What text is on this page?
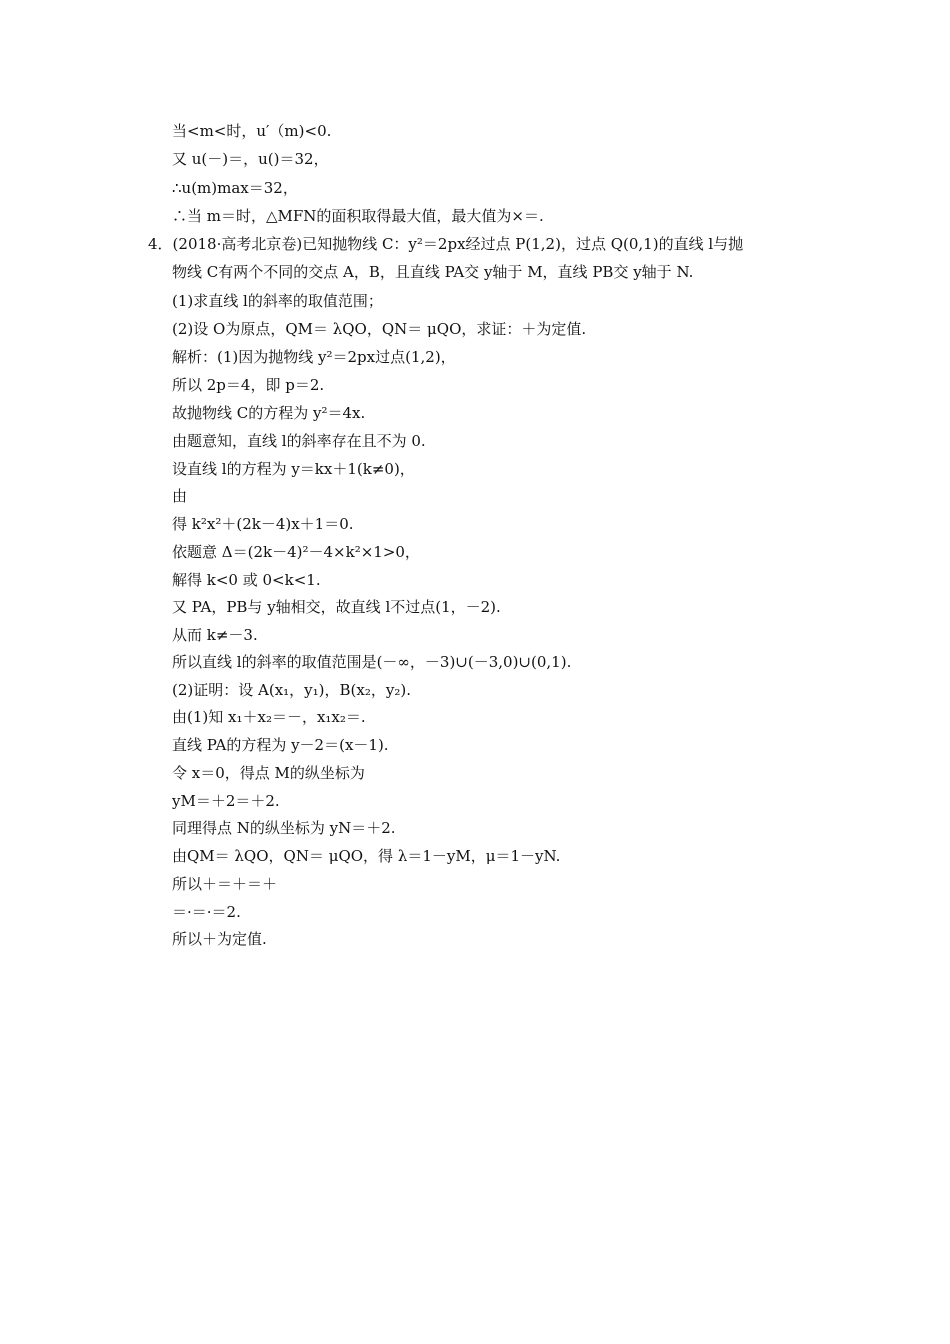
当<m<时，u′（m)<0.
又 u(－)＝，u()＝32，
∴u(m)max＝32，
∴当 m＝时，△MFN的面积取得最大值，最大值为×＝.
4．(2018·高考北京卷)已知抛物线 C：y²＝2px经过点 P(1,2)，过点 Q(0,1)的直线 l与抛
物线 C有两个不同的交点 A，B，且直线 PA交 y轴于 M，直线 PB交 y轴于 N.
(1)求直线 l的斜率的取值范围；
(2)设 O为原点，QM＝ λQO，QN＝ μQO，求证：＋为定值.
解析：(1)因为抛物线 y²＝2px过点(1,2)，
所以 2p＝4，即 p＝2.
故抛物线 C的方程为 y²＝4x.
由题意知，直线 l的斜率存在且不为 0.
设直线 l的方程为 y＝kx＋1(k≠0)，
由
得 k²x²＋(2k－4)x＋1＝0.
依题意 Δ＝(2k－4)²－4×k²×1>0，
解得 k<0 或 0<k<1.
又 PA，PB与 y轴相交，故直线 l不过点(1，－2).
从而 k≠－3.
所以直线 l的斜率的取值范围是(－∞，－3)∪(－3,0)∪(0,1).
(2)证明：设 A(x₁，y₁)，B(x₂，y₂).
由(1)知 x₁＋x₂＝－，x₁x₂＝.
直线 PA的方程为 y－2＝(x－1).
令 x＝0，得点 M的纵坐标为
yM＝＋2＝＋2.
同理得点 N的纵坐标为 yN＝＋2.
由QM＝ λQO，QN＝ μQO，得 λ＝1－yM，μ＝1－yN.
所以＋＝＋＝＋
＝·＝·＝2.
所以＋为定值.
